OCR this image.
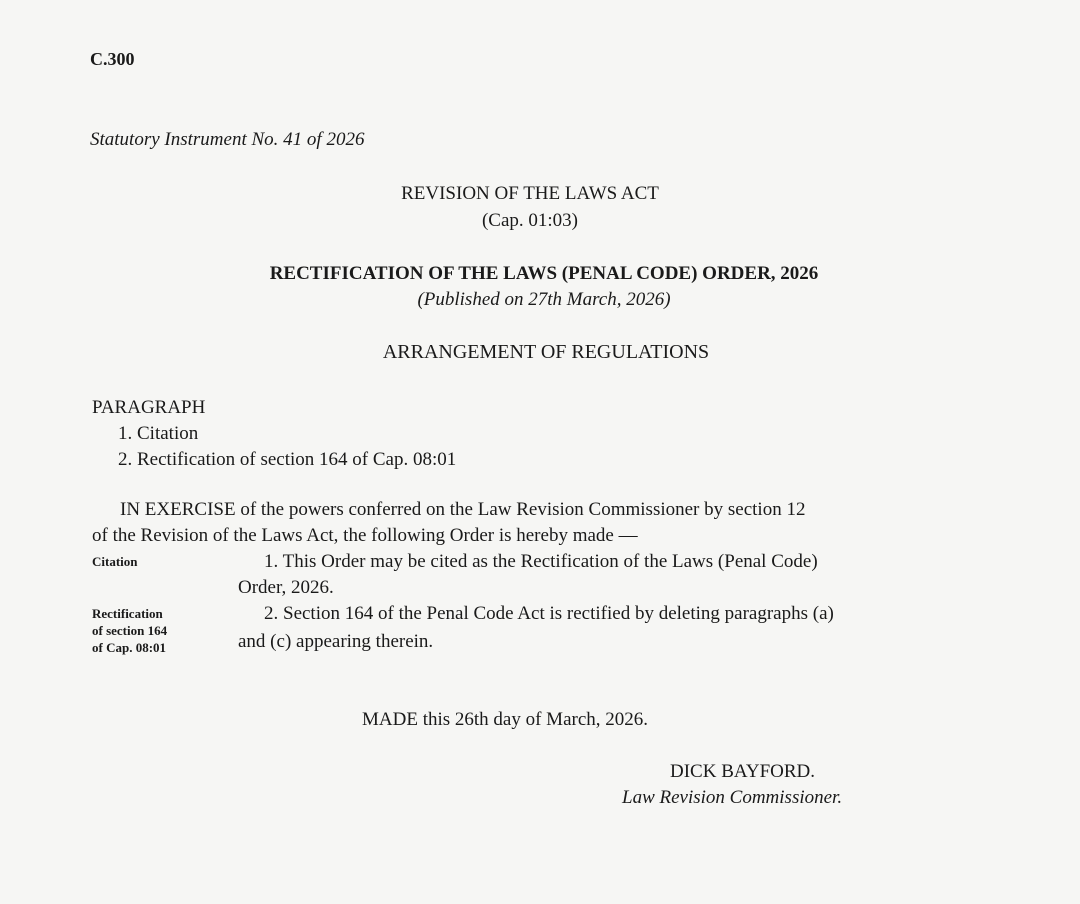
C.300
Statutory Instrument No. 41 of 2026
REVISION OF THE LAWS ACT
(Cap. 01:03)
RECTIFICATION OF THE LAWS (PENAL CODE) ORDER, 2026
(Published on 27th March, 2026)
ARRANGEMENT OF REGULATIONS
PARAGRAPH
1. Citation
2. Rectification of section 164 of Cap. 08:01
IN EXERCISE of the powers conferred on the Law Revision Commissioner by section 12
of the Revision of the Laws Act, the following Order is hereby made —
Citation	1. This Order may be cited as the Rectification of the Laws (Penal Code)
Order, 2026.
Rectification
of section 164
of Cap. 08:01
2. Section 164 of the Penal Code Act is rectified by deleting paragraphs (a)
and (c) appearing therein.
MADE this 26th day of March, 2026.
DICK BAYFORD.
Law Revision Commissioner.
